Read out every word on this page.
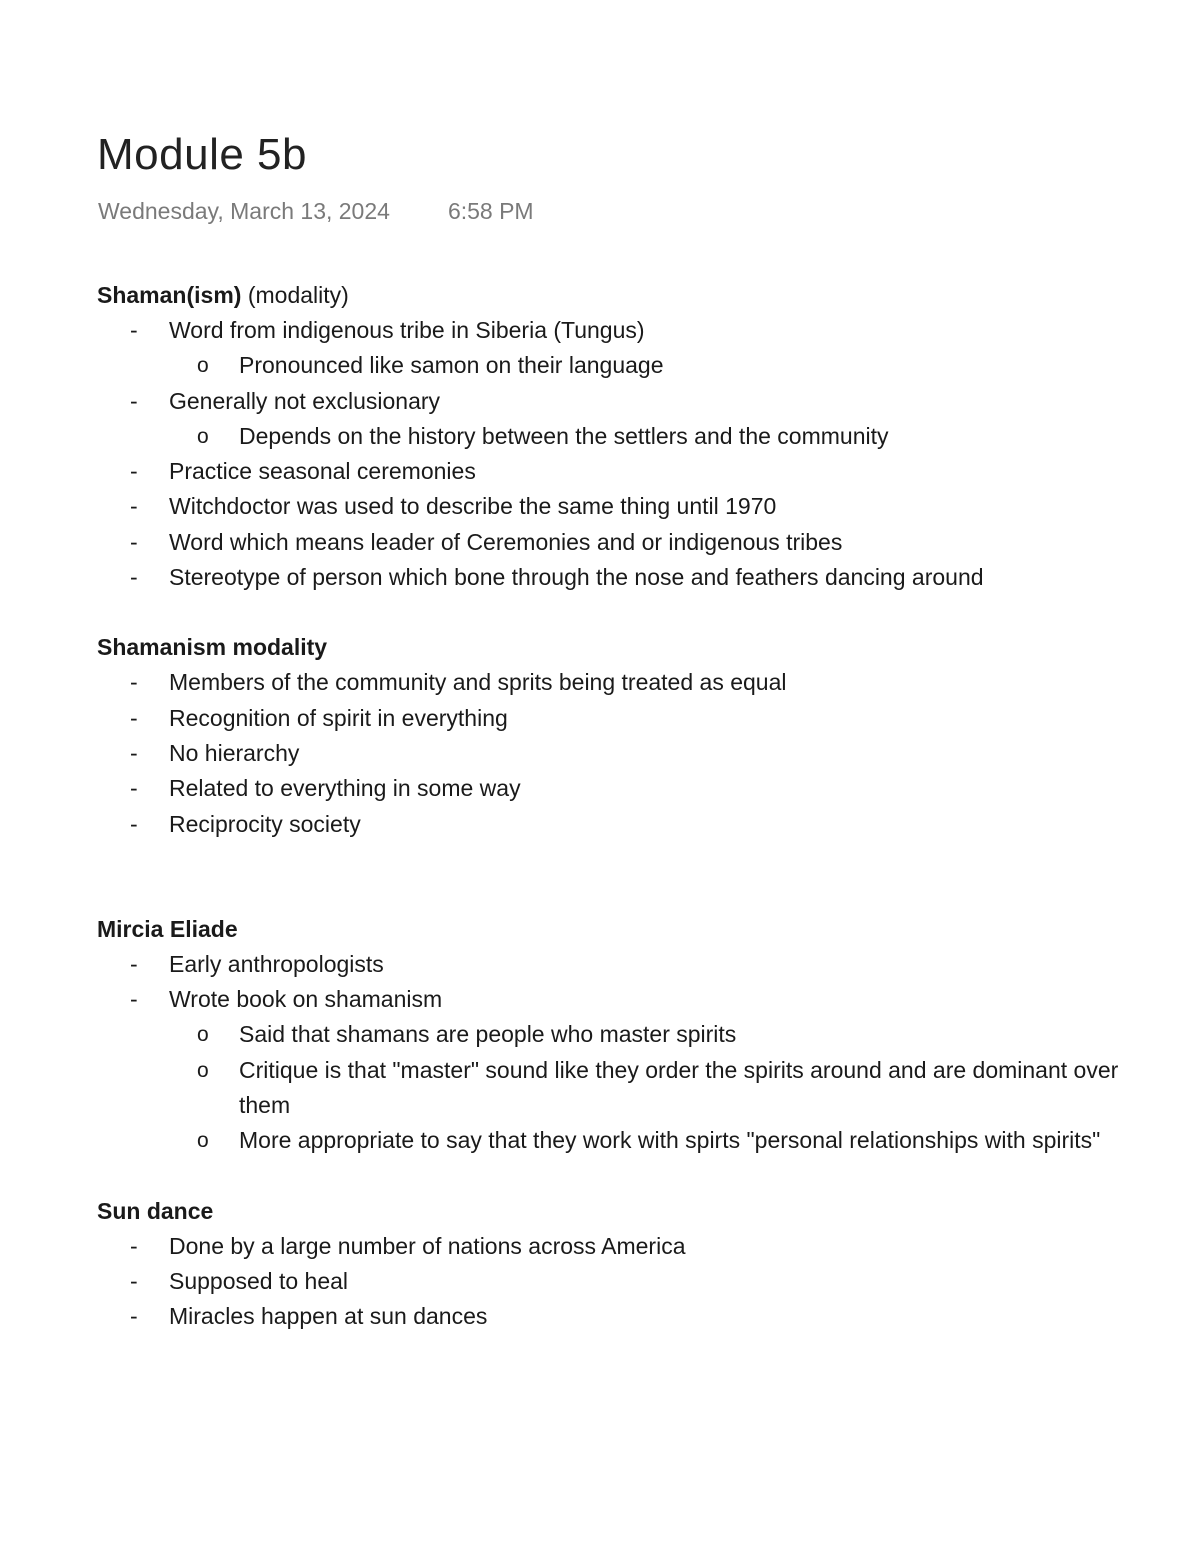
Module 5b
Wednesday, March 13, 2024	6:58 PM
Shaman(ism) (modality)
- Word from indigenous tribe in Siberia (Tungus)
o Pronounced like samon on their language
- Generally not exclusionary
o Depends on the history between the settlers and the community
- Practice seasonal ceremonies
- Witchdoctor was used to describe the same thing until 1970
- Word which means leader of Ceremonies and or indigenous tribes
- Stereotype of person which bone through the nose and feathers dancing around
Shamanism modality
- Members of the community and sprits being treated as equal
- Recognition of spirit in everything
- No hierarchy
- Related to everything in some way
- Reciprocity society
Mircia Eliade
- Early anthropologists
- Wrote book on shamanism
o Said that shamans are people who master spirits
o Critique is that "master" sound like they order the spirits around and are dominant over them
o More appropriate to say that they work with spirts "personal relationships with spirits"
Sun dance
- Done by a large number of nations across America
- Supposed to heal
- Miracles happen at sun dances
